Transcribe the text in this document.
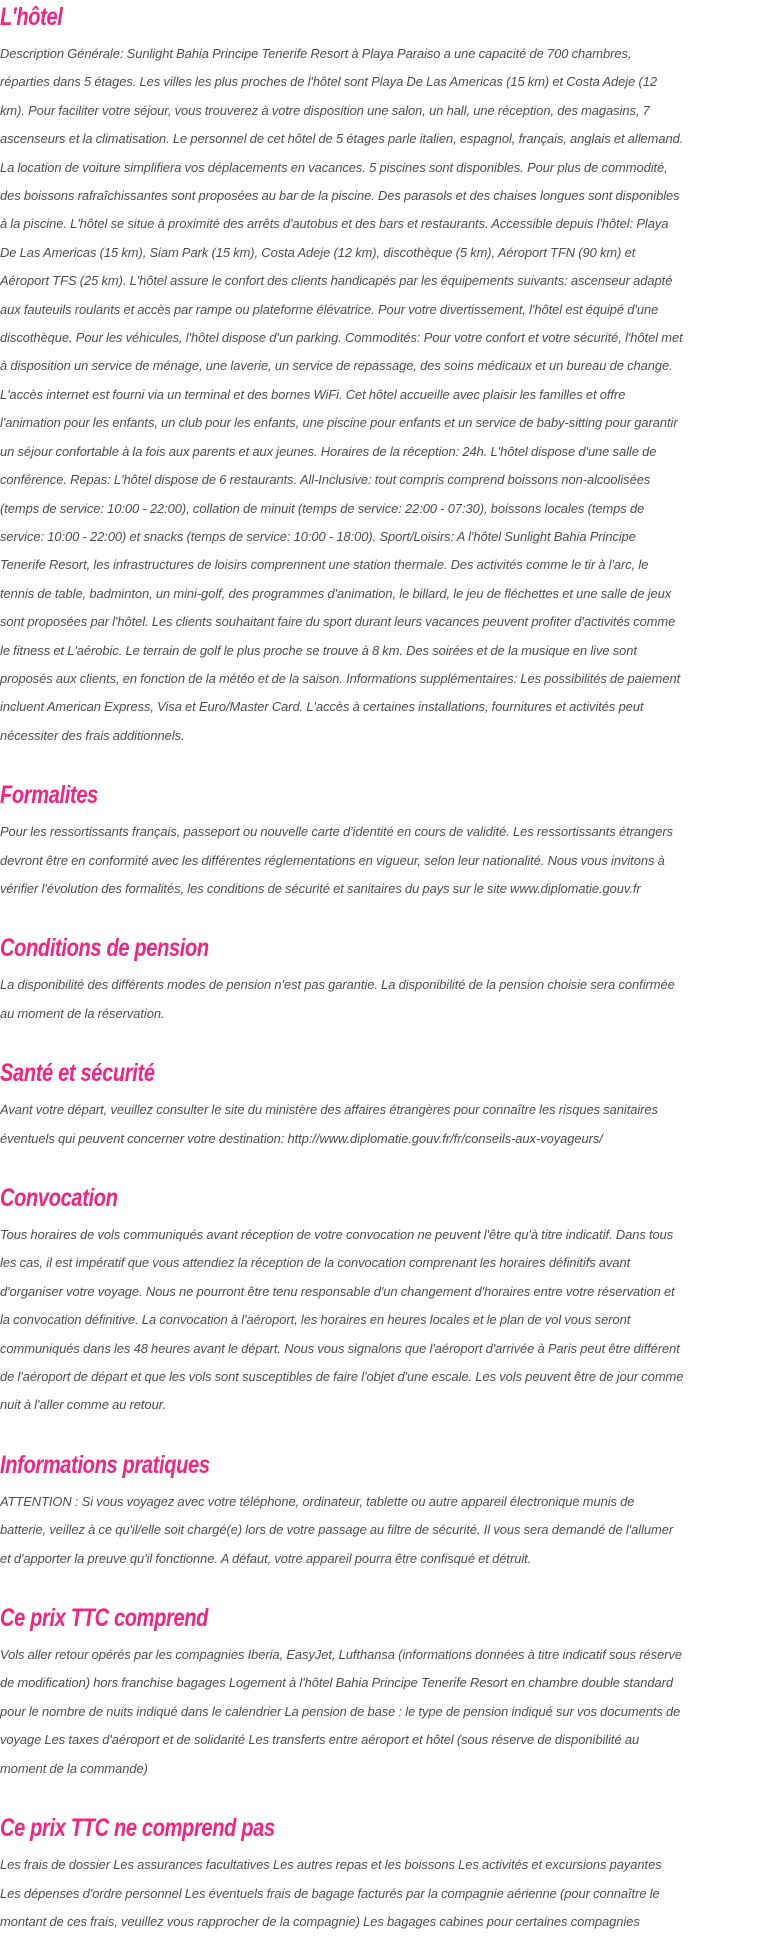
L'hôtel

Description Générale: Sunlight Bahia Principe Tenerife Resort à Playa Paraiso a une capacité de 700 chambres, réparties dans 5 étages. Les villes les plus proches de l'hôtel sont Playa De Las Americas (15 km) et Costa Adeje (12 km). Pour faciliter votre séjour, vous trouverez à votre disposition une salon, un hall, une réception, des magasins, 7 ascenseurs et la climatisation. Le personnel de cet hôtel de 5 étages parle italien, espagnol, français, anglais et allemand. La location de voiture simplifiera vos déplacements en vacances. 5 piscines sont disponibles. Pour plus de commodité, des boissons rafraîchissantes sont proposées au bar de la piscine. Des parasols et des chaises longues sont disponibles à la piscine. L'hôtel se situe à proximité des arrêts d'autobus et des bars et restaurants. Accessible depuis l'hôtel: Playa De Las Americas (15 km), Siam Park (15 km), Costa Adeje (12 km), discothèque (5 km), Aéroport TFN (90 km) et Aéroport TFS (25 km). L'hôtel assure le confort des clients handicapés par les équipements suivants: ascenseur adapté aux fauteuils roulants et accès par rampe ou plateforme élévatrice. Pour votre divertissement, l'hôtel est équipé d'une discothèque. Pour les véhicules, l'hôtel dispose d'un parking. Commodités: Pour votre confort et votre sécurité, l'hôtel met à disposition un service de ménage, une laverie, un service de repassage, des soins médicaux et un bureau de change. L'accès internet est fourni via un terminal et des bornes WiFi. Cet hôtel accueille avec plaisir les familles et offre l'animation pour les enfants, un club pour les enfants, une piscine pour enfants et un service de baby-sitting pour garantir un séjour confortable à la fois aux parents et aux jeunes. Horaires de la réception: 24h. L'hôtel dispose d'une salle de conférence. Repas: L'hôtel dispose de 6 restaurants. All-Inclusive: tout compris comprend boissons non-alcoolisées (temps de service: 10:00 - 22:00), collation de minuit (temps de service: 22:00 - 07:30), boissons locales (temps de service: 10:00 - 22:00) et snacks (temps de service: 10:00 - 18:00). Sport/Loisirs: A l'hôtel Sunlight Bahia Principe Tenerife Resort, les infrastructures de loisirs comprennent une station thermale. Des activités comme le tir à l'arc, le tennis de table, badminton, un mini-golf, des programmes d'animation, le billard, le jeu de fléchettes et une salle de jeux sont proposées par l'hôtel. Les clients souhaitant faire du sport durant leurs vacances peuvent profiter d'activités comme le fitness et L'aérobic. Le terrain de golf le plus proche se trouve à 8 km. Des soirées et de la musique en live sont proposés aux clients, en fonction de la météo et de la saison. Informations supplémentaires: Les possibilités de paiement incluent American Express, Visa et Euro/Master Card. L'accès à certaines installations, fournitures et activités peut nécessiter des frais additionnels.

Formalites

Pour les ressortissants français, passeport ou nouvelle carte d'identité en cours de validité. Les ressortissants étrangers devront être en conformité avec les différentes réglementations en vigueur, selon leur nationalité. Nous vous invitons à vérifier l'évolution des formalités, les conditions de sécurité et sanitaires du pays sur le site www.diplomatie.gouv.fr

Conditions de pension

La disponibilité des différents modes de pension n'est pas garantie. La disponibilité de la pension choisie sera confirmée au moment de la réservation.

Santé et sécurité

Avant votre départ, veuillez consulter le site du ministère des affaires étrangères pour connaître les risques sanitaires éventuels qui peuvent concerner votre destination: http://www.diplomatie.gouv.fr/fr/conseils-aux-voyageurs/

Convocation

Tous horaires de vols communiqués avant réception de votre convocation ne peuvent l'être qu'à titre indicatif. Dans tous les cas, il est impératif que vous attendiez la réception de la convocation comprenant les horaires définitifs avant d'organiser votre voyage. Nous ne pourront être tenu responsable d'un changement d'horaires entre votre réservation et la convocation définitive. La convocation à l'aéroport, les horaires en heures locales et le plan de vol vous seront communiqués dans les 48 heures avant le départ. Nous vous signalons que l'aéroport d'arrivée à Paris peut être différent de l'aéroport de départ et que les vols sont susceptibles de faire l'objet d'une escale. Les vols peuvent être de jour comme nuit à l'aller comme au retour.

Informations pratiques

ATTENTION : Si vous voyagez avec votre téléphone, ordinateur, tablette ou autre appareil électronique munis de batterie, veillez à ce qu'il/elle soit chargé(e) lors de votre passage au filtre de sécurité. Il vous sera demandé de l'allumer et d'apporter la preuve qu'il fonctionne. A défaut, votre appareil pourra être confisqué et détruit.

Ce prix TTC comprend

Vols aller retour opérés par les compagnies Iberia, EasyJet, Lufthansa (informations données à titre indicatif sous réserve de modification) hors franchise bagages Logement à l'hôtel Bahia Principe Tenerife Resort en chambre double standard pour le nombre de nuits indiqué dans le calendrier La pension de base : le type de pension indiqué sur vos documents de voyage Les taxes d'aéroport et de solidarité Les transferts entre aéroport et hôtel (sous réserve de disponibilité au moment de la commande)

Ce prix TTC ne comprend pas

Les frais de dossier Les assurances facultatives Les autres repas et les boissons Les activités et excursions payantes Les dépenses d'ordre personnel Les éventuels frais de bagage facturés par la compagnie aérienne (pour connaître le montant de ces frais, veuillez vous rapprocher de la compagnie) Les bagages cabines pour certaines compagnies
